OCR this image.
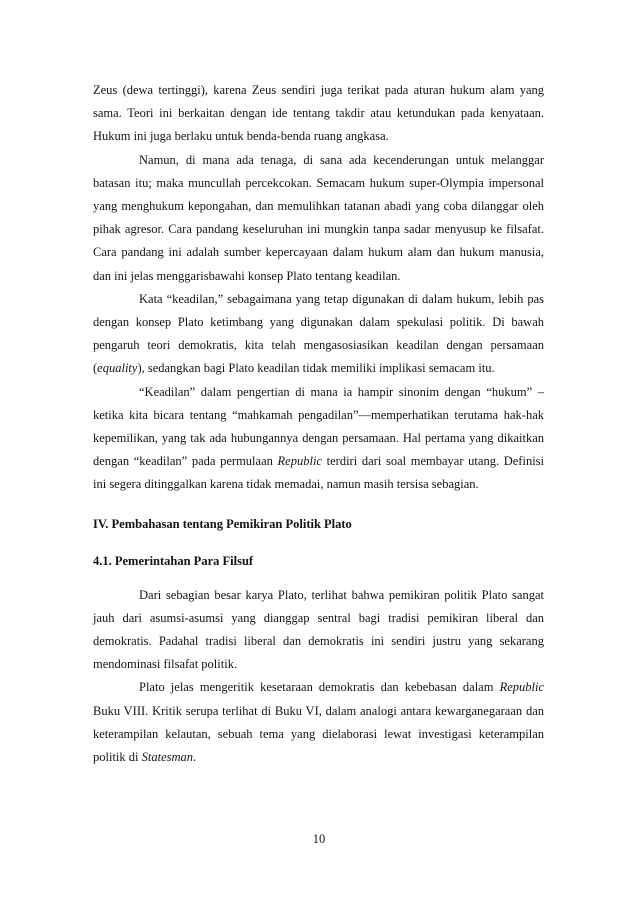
Zeus (dewa tertinggi), karena Zeus sendiri juga terikat pada aturan hukum alam yang sama. Teori ini berkaitan dengan ide tentang takdir atau ketundukan pada kenyataan. Hukum ini juga berlaku untuk benda-benda ruang angkasa.

Namun, di mana ada tenaga, di sana ada kecenderungan untuk melanggar batasan itu; maka muncullah percekcokan. Semacam hukum super-Olympia impersonal yang menghukum kepongahan, dan memulihkan tatanan abadi yang coba dilanggar oleh pihak agresor. Cara pandang keseluruhan ini mungkin tanpa sadar menyusup ke filsafat. Cara pandang ini adalah sumber kepercayaan dalam hukum alam dan hukum manusia, dan ini jelas menggarisbawahi konsep Plato tentang keadilan.

Kata “keadilan,” sebagaimana yang tetap digunakan di dalam hukum, lebih pas dengan konsep Plato ketimbang yang digunakan dalam spekulasi politik. Di bawah pengaruh teori demokratis, kita telah mengasosiasikan keadilan dengan persamaan (equality), sedangkan bagi Plato keadilan tidak memiliki implikasi semacam itu.

“Keadilan” dalam pengertian di mana ia hampir sinonim dengan “hukum” – ketika kita bicara tentang “mahkamah pengadilan”—memperhatikan terutama hak-hak kepemilikan, yang tak ada hubungannya dengan persamaan. Hal pertama yang dikaitkan dengan “keadilan” pada permulaan Republic terdiri dari soal membayar utang. Definisi ini segera ditinggalkan karena tidak memadai, namun masih tersisa sebagian.

IV. Pembahasan tentang Pemikiran Politik Plato
4.1. Pemerintahan Para Filsuf

Dari sebagian besar karya Plato, terlihat bahwa pemikiran politik Plato sangat jauh dari asumsi-asumsi yang dianggap sentral bagi tradisi pemikiran liberal dan demokratis. Padahal tradisi liberal dan demokratis ini sendiri justru yang sekarang mendominasi filsafat politik.

Plato jelas mengeritik kesetaraan demokratis dan kebebasan dalam Republic Buku VIII. Kritik serupa terlihat di Buku VI, dalam analogi antara kewarganegaraan dan keterampilan kelautan, sebuah tema yang dielaborasi lewat investigasi keterampilan politik di Statesman.

10
